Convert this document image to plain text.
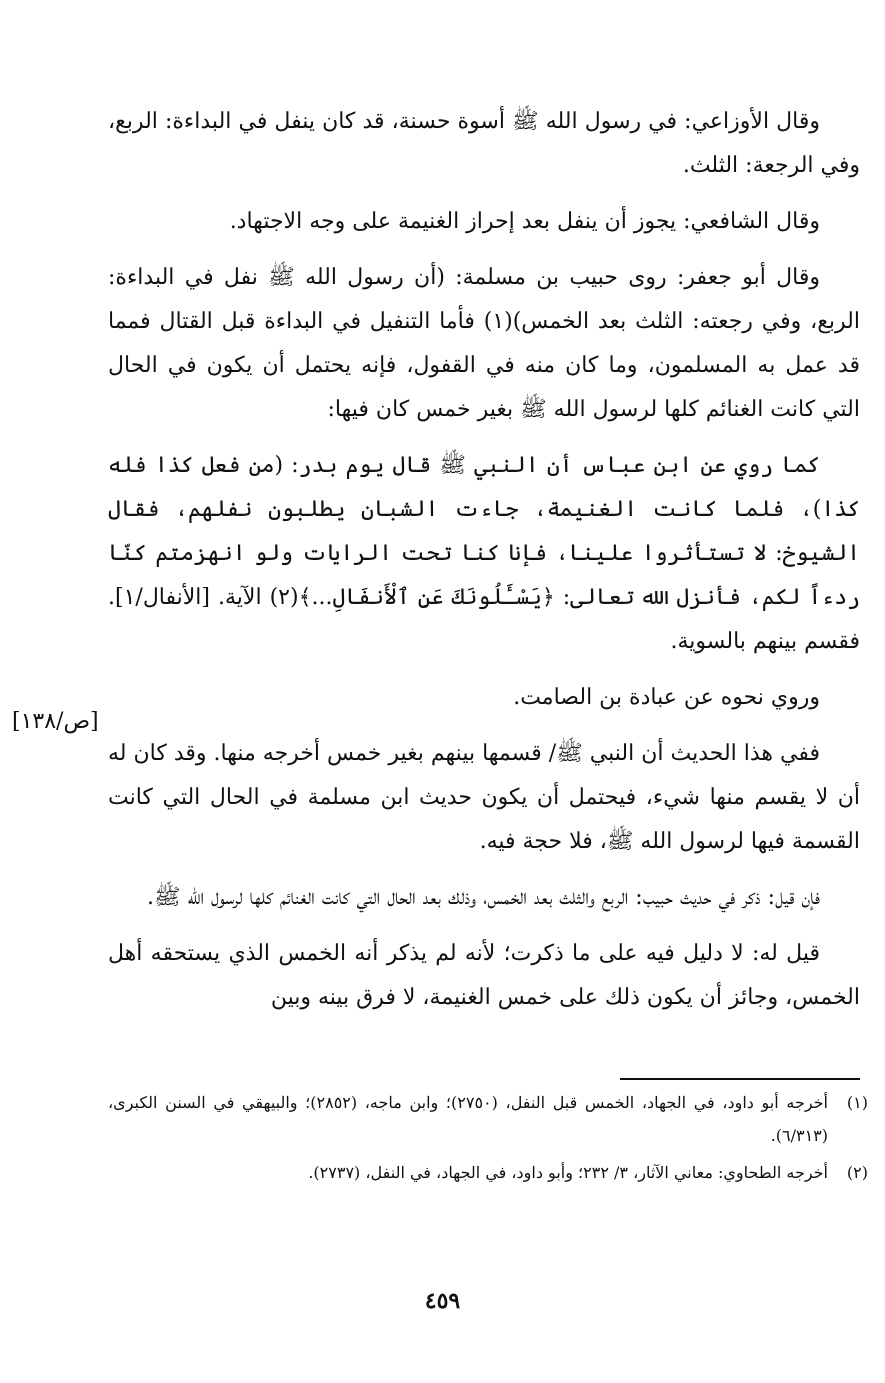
وقال الأوزاعي: في رسول الله ﷺ أسوة حسنة، قد كان ينفل في البداءة: الربع، وفي الرجعة: الثلث.

وقال الشافعي: يجوز أن ينفل بعد إحراز الغنيمة على وجه الاجتهاد.

وقال أبو جعفر: روى حبيب بن مسلمة: (أن رسول الله ﷺ نفل في البداءة: الربع، وفي رجعته: الثلث بعد الخمس)(١) فأما التنفيل في البداءة قبل القتال فمما قد عمل به المسلمون، وما كان منه في القفول، فإنه يحتمل أن يكون في الحال التي كانت الغنائم كلها لرسول الله ﷺ بغير خمس كان فيها:

كما روي عن ابن عباس أن النبي ﷺ قال يوم بدر: (من فعل كذا فله كذا)، فلما كانت الغنيمة، جاءت الشبان يطلبون نفلهم، فقال الشيوخ: لا تستأثروا علينا، فإنا كنا تحت الرايات ولو انهزمتم كنّا ردءاً لكم، فأنزل الله تعالى: ﴿يَسْـَٔلُونَكَ عَنِ ٱلْأَنفَالِ...﴾(٢) الآية. [الأنفال/١]. فقسم بينهم بالسوية.

وروي نحوه عن عبادة بن الصامت.

ففي هذا الحديث أن النبي ﷺ/ قسمها بينهم بغير خمس أخرجه منها. وقد كان له أن لا يقسم منها شيء، فيحتمل أن يكون حديث ابن مسلمة في الحال التي كانت القسمة فيها لرسول الله ﷺ، فلا حجة فيه.

فإن قيل: ذكر في حديث حبيب: الربع والثلث بعد الخمس، وذلك بعد الحال التي كانت الغنائم كلها لرسول الله ﷺ.

قيل له: لا دليل فيه على ما ذكرت؛ لأنه لم يذكر أنه الخمس الذي يستحقه أهل الخمس، وجائز أن يكون ذلك على خمس الغنيمة، لا فرق بينه وبين

[ص/١٣٨]
(١)
أخرجه أبو داود، في الجهاد، الخمس قبل النفل، (٢٧٥٠)؛ وابن ماجه، (٢٨٥٢)؛ والبيهقي في السنن الكبرى، (٦/٣١٣).
(٢)
أخرجه الطحاوي: معاني الآثار، ٣/ ٢٣٢؛ وأبو داود، في الجهاد، في النفل، (٢٧٣٧).
٤٥٩
